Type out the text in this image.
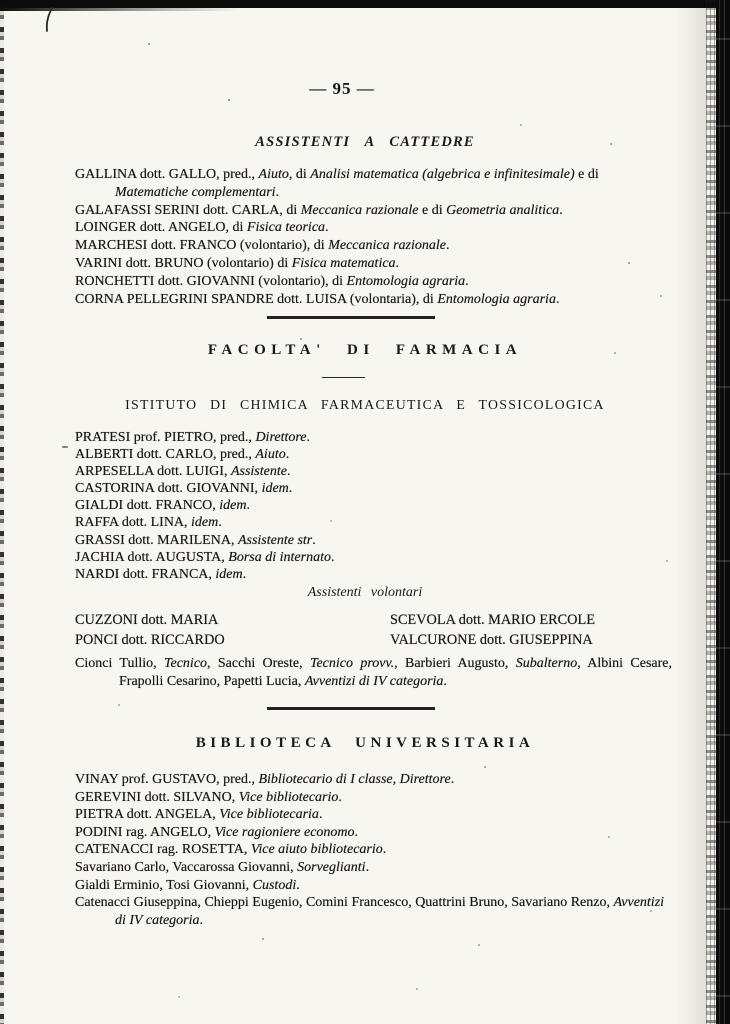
— 95 —
ASSISTENTI A CATTEDRE
GALLINA dott. GALLO, pred., Aiuto, di Analisi matematica (algebrica e infinitesimale) e di Matematiche complementari.
GALAFASSI SERINI dott. CARLA, di Meccanica razionale e di Geometria analitica.
LOINGER dott. ANGELO, di Fisica teorica.
MARCHESI dott. FRANCO (volontario), di Meccanica razionale.
VARINI dott. BRUNO (volontario) di Fisica matematica.
RONCHETTI dott. GIOVANNI (volontario), di Entomologia agraria.
CORNA PELLEGRINI SPANDRE dott. LUISA (volontaria), di Entomologia agraria.
FACOLTA' DI FARMACIA
ISTITUTO DI CHIMICA FARMACEUTICA E TOSSICOLOGICA
PRATESI prof. PIETRO, pred., Direttore.
ALBERTI dott. CARLO, pred., Aiuto.
ARPESELLA dott. LUIGI, Assistente.
CASTORINA dott. GIOVANNI, idem.
GIALDI dott. FRANCO, idem.
RAFFA dott. LINA, idem.
GRASSI dott. MARILENA, Assistente str.
JACHIA dott. AUGUSTA, Borsa di internato.
NARDI dott. FRANCA, idem.
Assistenti volontari
CUZZONI dott. MARIA
PONCI dott. RICCARDO
SCEVOLA dott. MARIO ERCOLE
VALCURONE dott. GIUSEPPINA
Cionci Tullio, Tecnico, Sacchi Oreste, Tecnico provv., Barbieri Augusto, Subalterno, Albini Cesare, Frapolli Cesarino, Papetti Lucia, Avventizi di IV categoria.
BIBLIOTECA UNIVERSITARIA
VINAY prof. GUSTAVO, pred., Bibliotecario di I classe, Direttore.
GEREVINI dott. SILVANO, Vice bibliotecario.
PIETRA dott. ANGELA, Vice bibliotecaria.
PODINI rag. ANGELO, Vice ragioniere economo.
CATENACCI rag. ROSETTA, Vice aiuto bibliotecario.
Savariano Carlo, Vaccarossa Giovanni, Sorveglianti.
Gialdi Erminio, Tosi Giovanni, Custodi.
Catenacci Giuseppina, Chieppi Eugenio, Comini Francesco, Quattrini Bruno, Savariano Renzo, Avventizi di IV categoria.
